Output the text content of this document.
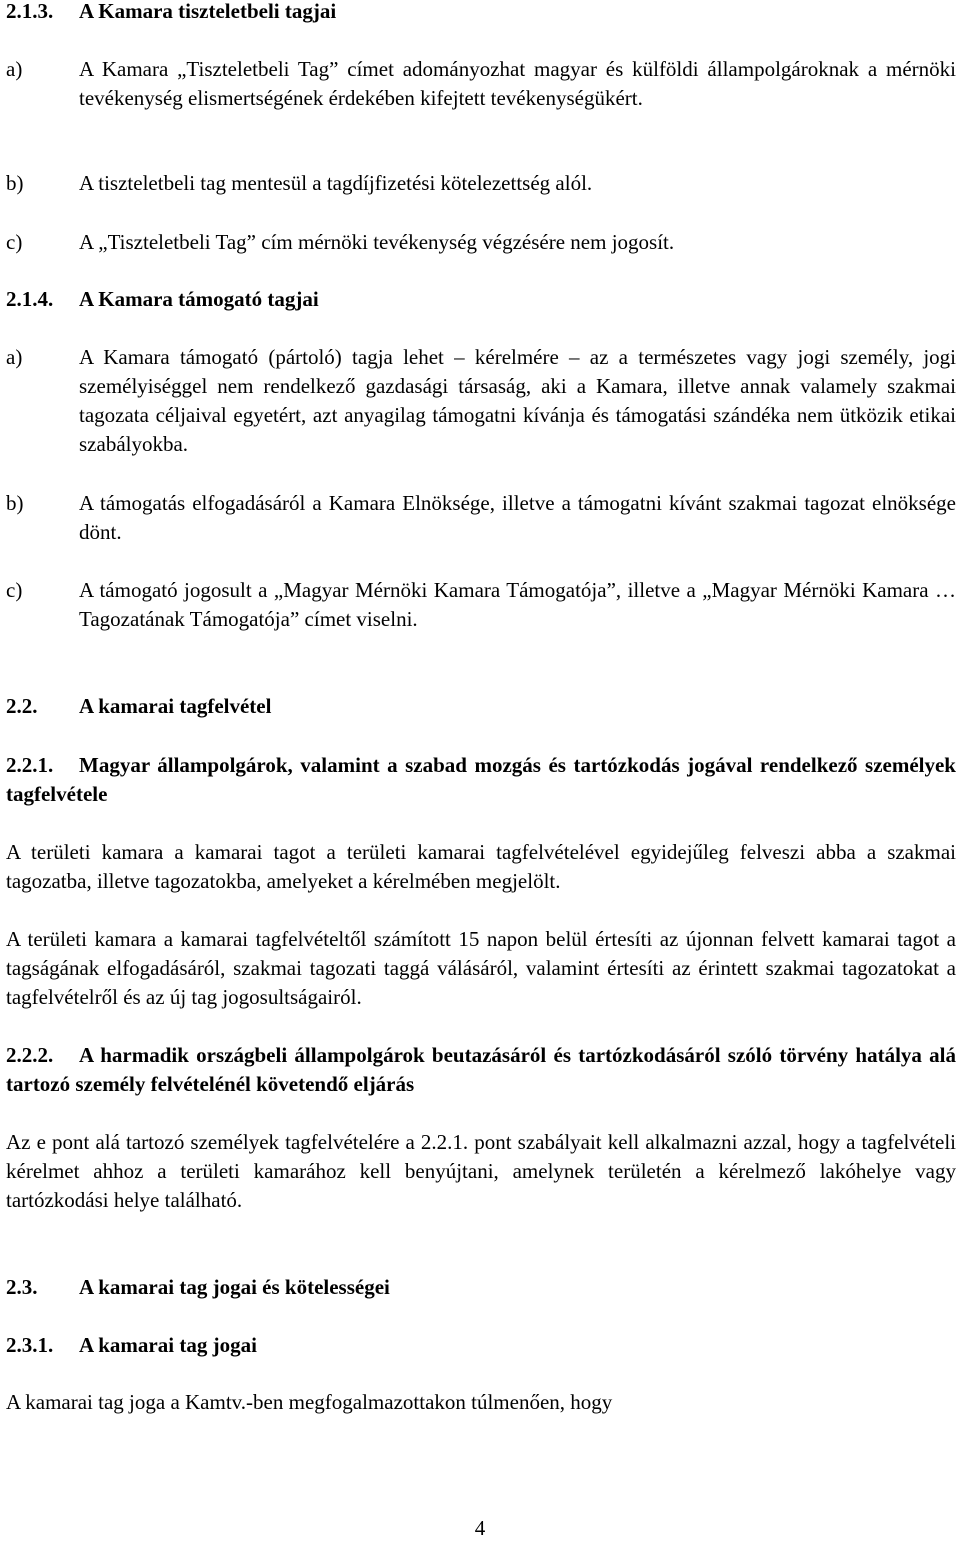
2.1.3. A Kamara tiszteletbeli tagjai
a)	A Kamara „Tiszteletbeli Tag” címet adományozhat magyar és külföldi állampolgároknak a mérnöki tevékenység elismertségének érdekében kifejtett tevékenységükért.
b)	A tiszteletbeli tag mentesül a tagdíjfizetési kötelezettség alól.
c)	A „Tiszteletbeli Tag” cím mérnöki tevékenység végzésére nem jogosít.
2.1.4. A Kamara támogató tagjai
a)	A Kamara támogató (pártoló) tagja lehet – kérelmére – az a természetes vagy jogi személy, jogi személyiséggel nem rendelkező gazdasági társaság, aki a Kamara, illetve annak valamely szakmai tagozata céljaival egyetért, azt anyagilag támogatni kívánja és támogatási szándéka nem ütközik etikai szabályokba.
b)	A támogatás elfogadásáról a Kamara Elnöksége, illetve a támogatni kívánt szakmai tagozat elnöksége dönt.
c)	A támogató jogosult a „Magyar Mérnöki Kamara Támogatója”, illetve a „Magyar Mérnöki Kamara … Tagozatának Támogatója” címet viselni.
2.2. A kamarai tagfelvétel
2.2.1. Magyar állampolgárok, valamint a szabad mozgás és tartózkodás jogával rendelkező személyek tagfelvétele
A területi kamara a kamarai tagot a területi kamarai tagfelvételével egyidejűleg felveszi abba a szakmai tagozatba, illetve tagozatokba, amelyeket a kérelmében megjelölt.
A területi kamara a kamarai tagfelvételtől számított 15 napon belül értesíti az újonnan felvett kamarai tagot a tagságának elfogadásáról, szakmai tagozati taggá válásáról, valamint értesíti az érintett szakmai tagozatokat a tagfelvételről és az új tag jogosultságairól.
2.2.2. A harmadik országbeli állampolgárok beutazásáról és tartózkodásáról szóló törvény hatálya alá tartozó személy felvételénél követendő eljárás
Az e pont alá tartozó személyek tagfelvételére a 2.2.1. pont szabályait kell alkalmazni azzal, hogy a tagfelvételi kérelmet ahhoz a területi kamarához kell benyújtani, amelynek területén a kérelmező lakóhelye vagy tartózkodási helye található.
2.3. A kamarai tag jogai és kötelességei
2.3.1. A kamarai tag jogai
A kamarai tag joga a Kamtv.-ben megfogalmazottakon túlmenően, hogy
4
